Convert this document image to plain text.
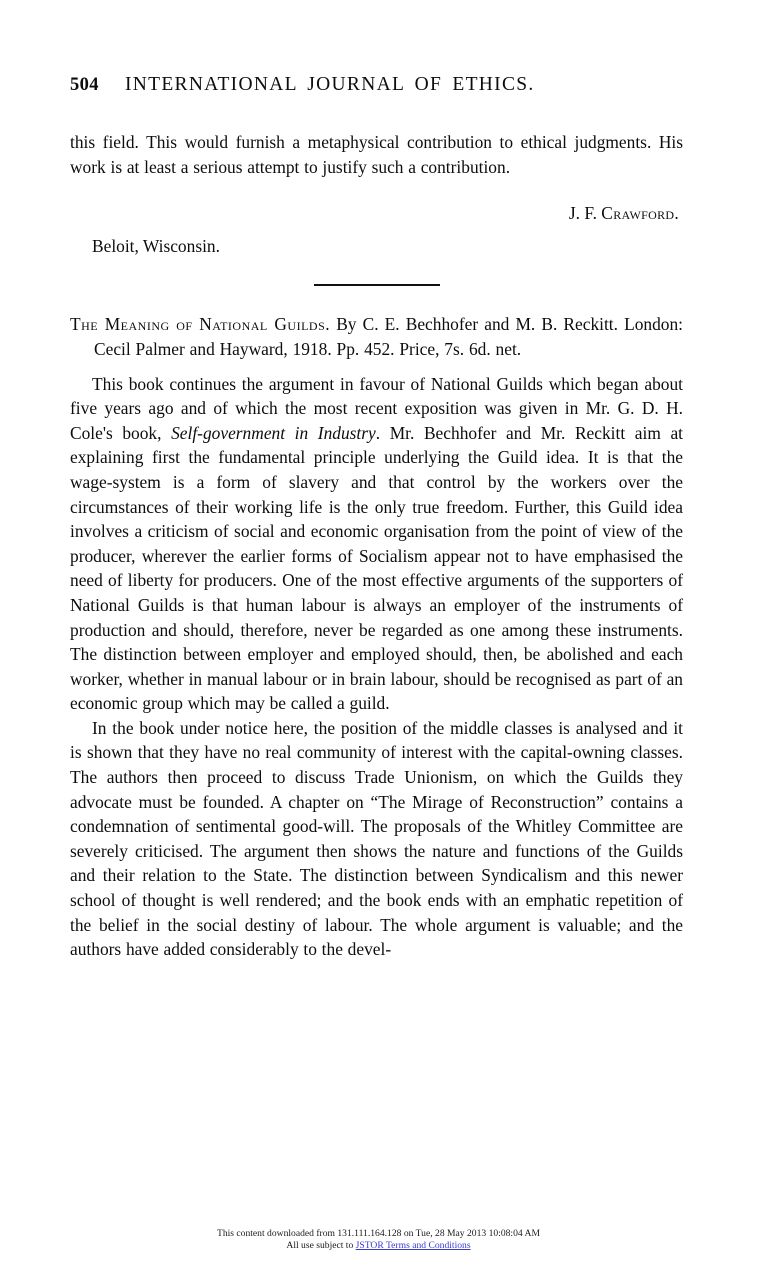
504 INTERNATIONAL JOURNAL OF ETHICS.

this field. This would furnish a metaphysical contribution to ethical judgments. His work is at least a serious attempt to justify such a contribution.

J. F. Crawford.

Beloit, Wisconsin.

The Meaning of National Guilds. By C. E. Bechhofer and M. B. Reckitt. London: Cecil Palmer and Hayward, 1918. Pp. 452. Price, 7s. 6d. net.

This book continues the argument in favour of National Guilds which began about five years ago and of which the most recent exposition was given in Mr. G. D. H. Cole's book, Self-government in Industry. Mr. Bechhofer and Mr. Reckitt aim at explaining first the fundamental principle underlying the Guild idea. It is that the wage-system is a form of slavery and that control by the workers over the circumstances of their working life is the only true freedom. Further, this Guild idea involves a criticism of social and economic organisation from the point of view of the producer, wherever the earlier forms of Socialism appear not to have emphasised the need of liberty for producers. One of the most effective arguments of the supporters of National Guilds is that human labour is always an employer of the instruments of production and should, therefore, never be regarded as one among these instruments. The distinction between employer and employed should, then, be abolished and each worker, whether in manual labour or in brain labour, should be recognised as part of an economic group which may be called a guild.

In the book under notice here, the position of the middle classes is analysed and it is shown that they have no real community of interest with the capital-owning classes. The authors then proceed to discuss Trade Unionism, on which the Guilds they advocate must be founded. A chapter on “The Mirage of Reconstruction” contains a condemnation of sentimental good-will. The proposals of the Whitley Committee are severely criticised. The argument then shows the nature and functions of the Guilds and their relation to the State. The distinction between Syndicalism and this newer school of thought is well rendered; and the book ends with an emphatic repetition of the belief in the social destiny of labour. The whole argument is valuable; and the authors have added considerably to the devel-

This content downloaded from 131.111.164.128 on Tue, 28 May 2013 10:08:04 AM
All use subject to JSTOR Terms and Conditions
